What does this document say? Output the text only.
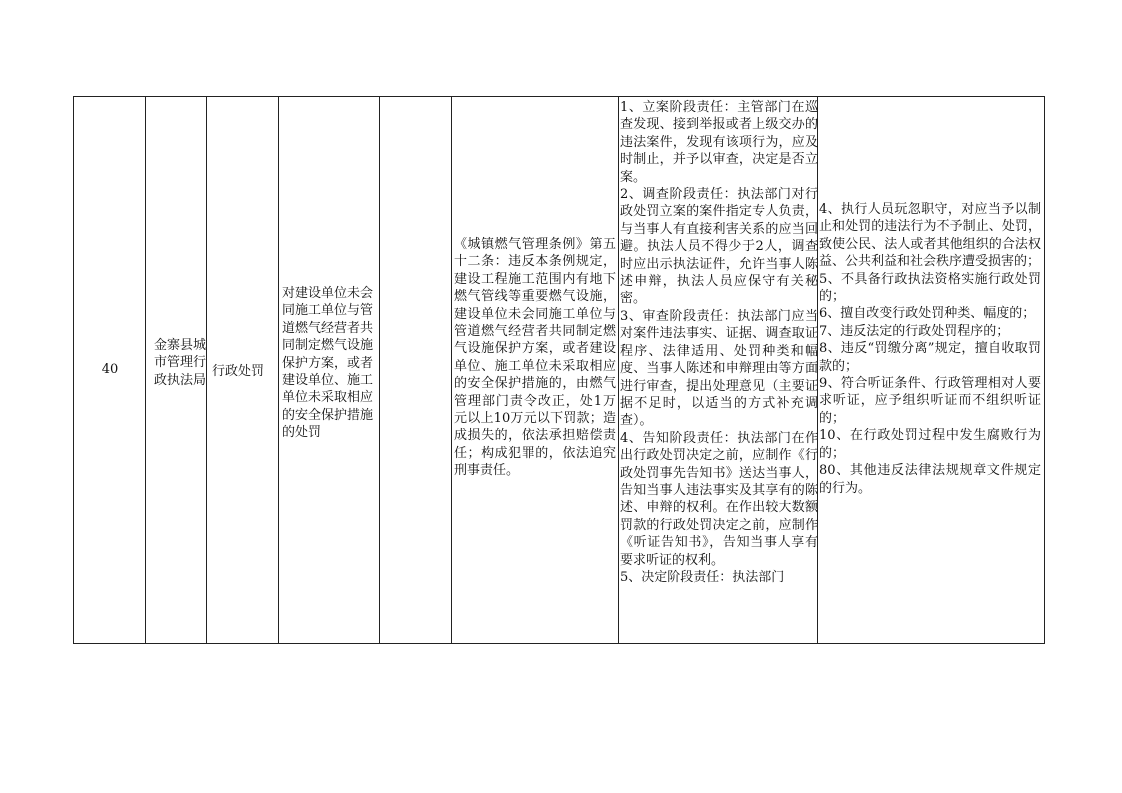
40
金寨县城市管理行政执法局
行政处罚
对建设单位未会同施工单位与管道燃气经营者共同制定燃气设施保护方案，或者建设单位、施工单位未采取相应的安全保护措施的处罚
《城镇燃气管理条例》第五十二条：违反本条例规定，建设工程施工范围内有地下燃气管线等重要燃气设施，建设单位未会同施工单位与管道燃气经营者共同制定燃气设施保护方案，或者建设单位、施工单位未采取相应的安全保护措施的，由燃气管理部门责令改正，处1万元以上10万元以下罚款；造成损失的，依法承担赔偿责任；构成犯罪的，依法追究刑事责任。
1、立案阶段责任：主管部门在巡查发现、接到举报或者上级交办的违法案件，发现有该项行为，应及时制止，并予以审查，决定是否立案。
2、调查阶段责任：执法部门对行政处罚立案的案件指定专人负责，与当事人有直接利害关系的应当回避。执法人员不得少于2人，调查时应出示执法证件，允许当事人陈述申辩，执法人员应保守有关秘密。
3、审查阶段责任：执法部门应当对案件违法事实、证据、调查取证程序、法律适用、处罚种类和幅度、当事人陈述和申辩理由等方面进行审查，提出处理意见（主要证据不足时，以适当的方式补充调查）。
4、告知阶段责任：执法部门在作出行政处罚决定之前，应制作《行政处罚事先告知书》送达当事人，告知当事人违法事实及其享有的陈述、申辩的权利。在作出较大数额罚款的行政处罚决定之前，应制作《听证告知书》，告知当事人享有要求听证的权利。
5、决定阶段责任：执法部门
4、执行人员玩忽职守，对应当予以制止和处罚的违法行为不予制止、处罚，致使公民、法人或者其他组织的合法权益、公共利益和社会秩序遭受损害的；
5、不具备行政执法资格实施行政处罚的；
6、擅自改变行政处罚种类、幅度的；
7、违反法定的行政处罚程序的；
8、违反“罚缴分离”规定，擅自收取罚款的；
9、符合听证条件、行政管理相对人要求听证，应予组织听证而不组织听证的；
10、在行政处罚过程中发生腐败行为的；
80、其他违反法律法规规章文件规定的行为。
